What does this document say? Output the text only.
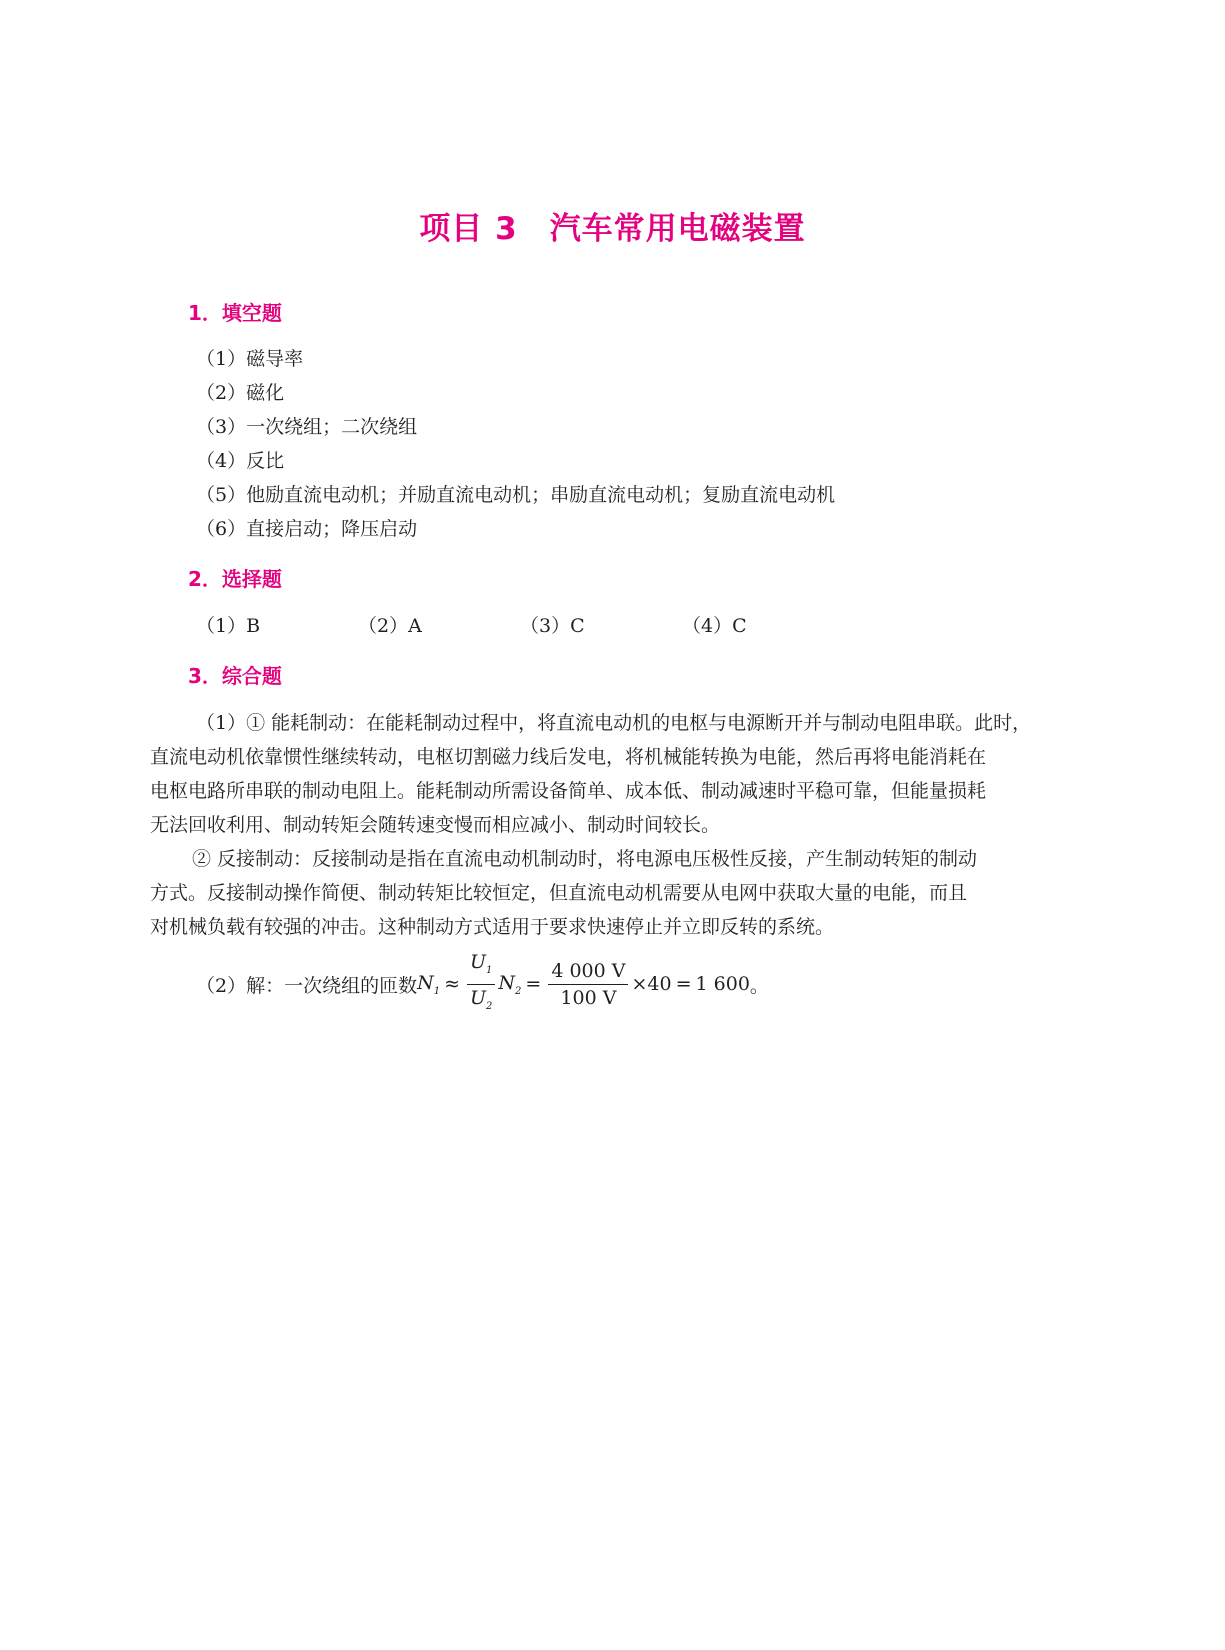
项目 3 汽车常用电磁装置
1．填空题
（1）磁导率
（2）磁化
（3）一次绕组；二次绕组
（4）反比
（5）他励直流电动机；并励直流电动机；串励直流电动机；复励直流电动机
（6）直接启动；降压启动
2．选择题
（1）B	（2）A	（3）C	（4）C
3．综合题
（1）① 能耗制动：在能耗制动过程中，将直流电动机的电枢与电源断开并与制动电阻串联。此时，
直流电动机依靠惯性继续转动，电枢切割磁力线后发电，将机械能转换为电能，然后再将电能消耗在
电枢电路所串联的制动电阻上。能耗制动所需设备简单、成本低、制动减速时平稳可靠，但能量损耗
无法回收利用、制动转矩会随转速变慢而相应减小、制动时间较长。
② 反接制动：反接制动是指在直流电动机制动时，将电源电压极性反接，产生制动转矩的制动
方式。反接制动操作简便、制动转矩比较恒定，但直流电动机需要从电网中获取大量的电能，而且
对机械负载有较强的冲击。这种制动方式适用于要求快速停止并立即反转的系统。
（2）解：一次绕组的匝数 $N_1 \approx \frac{U_1}{U_2} N_2 = \frac{4 000 V}{100 V} \times 40 = 1$ 600 。
